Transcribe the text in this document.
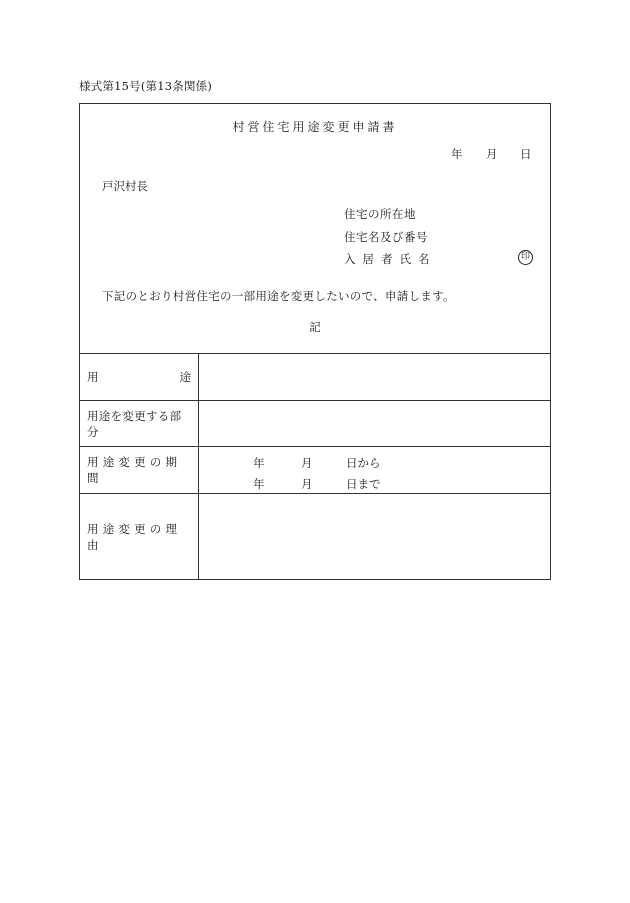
様式第15号(第13条関係)
村営住宅用途変更申請書
年 月 日
戸沢村長
住宅の所在地
住宅名及び番号
入居者氏名	印
下記のとおり村営住宅の一部用途を変更したいので、申請します。
記
用	途
用途を変更する部分
用途変更の期間
年	月	日から
年	月	日まで
用途変更の理由
